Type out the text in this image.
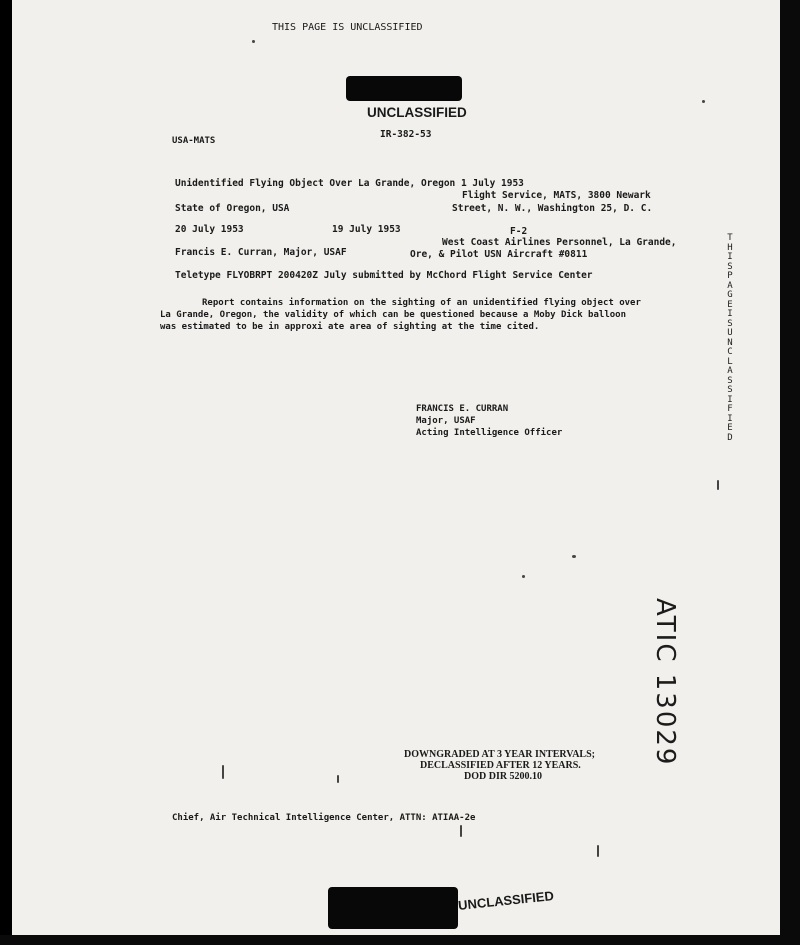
THIS PAGE IS UNCLASSIFIED
UNCLASSIFIED
IR-382-53
USA-MATS
Unidentified Flying Object Over La Grande, Oregon 1 July 1953
Flight Service, MATS, 3800 Newark
State of Oregon, USA	Street, N. W., Washington 25, D. C.
20 July 1953	19 July 1953	F-2
West Coast Airlines Personnel, La Grande,
Francis E. Curran, Major, USAF	Ore, & Pilot USN Aircraft #0811
Teletype FLYOBRPT 200420Z July submitted by McChord Flight Service Center
Report contains information on the sighting of an unidentified flying object over
La Grande, Oregon, the validity of which can be questioned because a Moby Dick balloon
was estimated to be in approxi ate area of sighting at the time cited.
FRANCIS E. CURRAN
Major, USAF
Acting Intelligence Officer
THIS PAGE IS UNCLASSIFIED
ATIC 13029
DOWNGRADED AT 3 YEAR INTERVALS;
DECLASSIFIED AFTER 12 YEARS.
DOD DIR 5200.10
Chief, Air Technical Intelligence Center, ATTN: ATIAA-2e
UNCLASSIFIED
